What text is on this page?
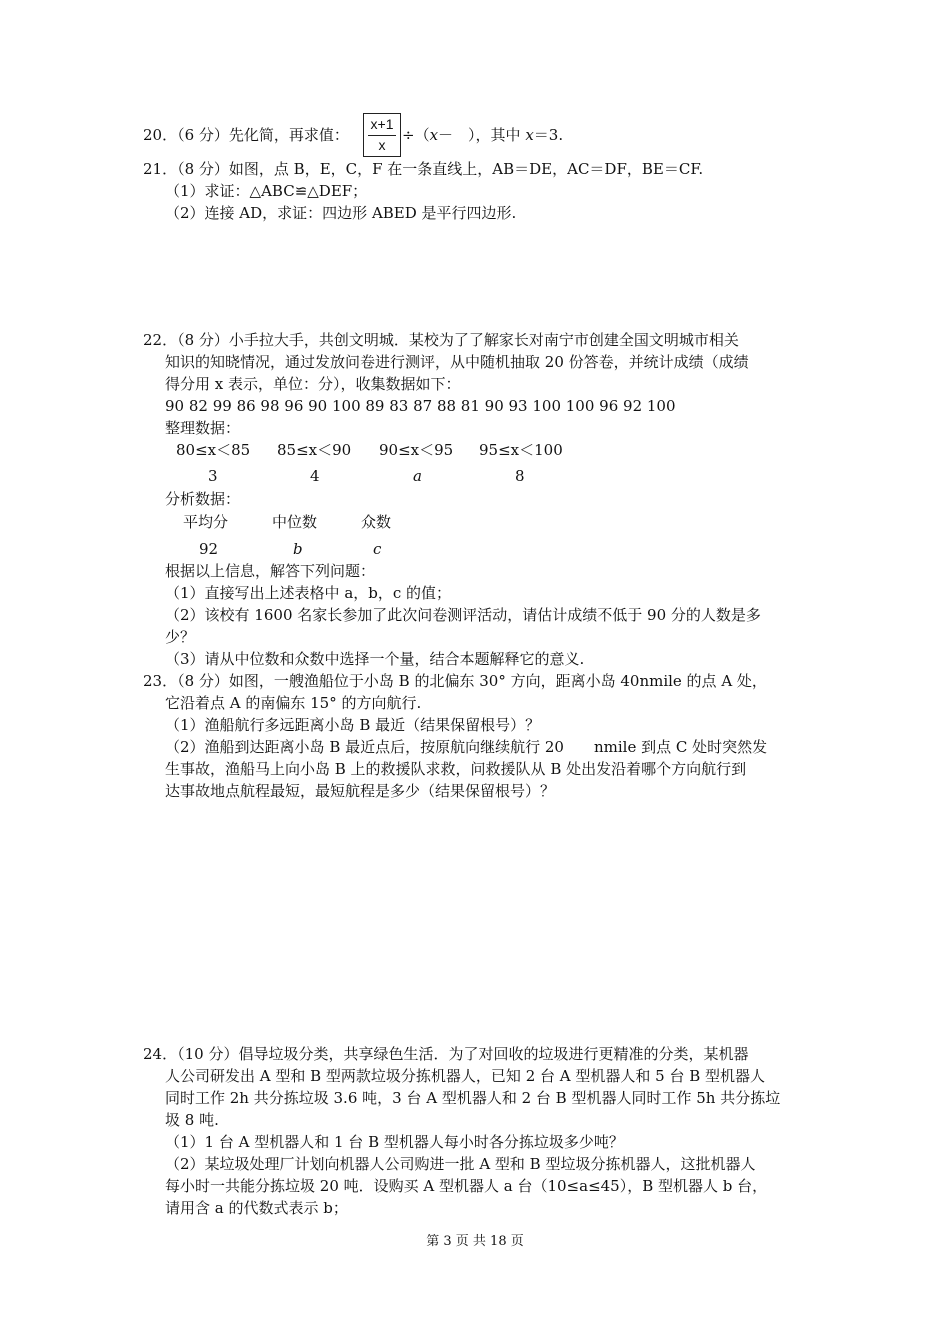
20．（6 分）先化简，再求值：
x+1
x
÷（x－　），其中 x＝3.
21．（8 分）如图，点 B，E，C，F 在一条直线上，AB＝DE，AC＝DF，BE＝CF.
（1）求证：△ABC≌△DEF；
（2）连接 AD，求证：四边形 ABED 是平行四边形.
22．（8 分）小手拉大手，共创文明城．某校为了了解家长对南宁市创建全国文明城市相关
知识的知晓情况，通过发放问卷进行测评，从中随机抽取 20 份答卷，并统计成绩（成绩
得分用 x 表示，单位：分），收集数据如下：
90 82 99 86 98 96 90 100 89 83 87 88 81 90 93 100 100 96 92 100
整理数据：
80≤x＜85 85≤x＜90 90≤x＜95 95≤x＜100
3	4	a	8
分析数据：
平均分	中位数	众数
92	b	c
根据以上信息，解答下列问题：
（1）直接写出上述表格中 a，b，c 的值；
（2）该校有 1600 名家长参加了此次问卷测评活动，请估计成绩不低于 90 分的人数是多
少？
（3）请从中位数和众数中选择一个量，结合本题解释它的意义.
23．（8 分）如图，一艘渔船位于小岛 B 的北偏东 30° 方向，距离小岛 40nmile 的点 A 处，
它沿着点 A 的南偏东 15° 的方向航行.
（1）渔船航行多远距离小岛 B 最近（结果保留根号）？
（2）渔船到达距离小岛 B 最近点后，按原航向继续航行 20　　nmile 到点 C 处时突然发
生事故，渔船马上向小岛 B 上的救援队求救，问救援队从 B 处出发沿着哪个方向航行到
达事故地点航程最短，最短航程是多少（结果保留根号）？
24．（10 分）倡导垃圾分类，共享绿色生活．为了对回收的垃圾进行更精准的分类，某机器
人公司研发出 A 型和 B 型两款垃圾分拣机器人，已知 2 台 A 型机器人和 5 台 B 型机器人
同时工作 2h 共分拣垃圾 3.6 吨，3 台 A 型机器人和 2 台 B 型机器人同时工作 5h 共分拣垃
圾 8 吨.
（1）1 台 A 型机器人和 1 台 B 型机器人每小时各分拣垃圾多少吨？
（2）某垃圾处理厂计划向机器人公司购进一批 A 型和 B 型垃圾分拣机器人，这批机器人
每小时一共能分拣垃圾 20 吨．设购买 A 型机器人 a 台（10≤a≤45），B 型机器人 b 台，
请用含 a 的代数式表示 b；
第 3 页 共 18 页
